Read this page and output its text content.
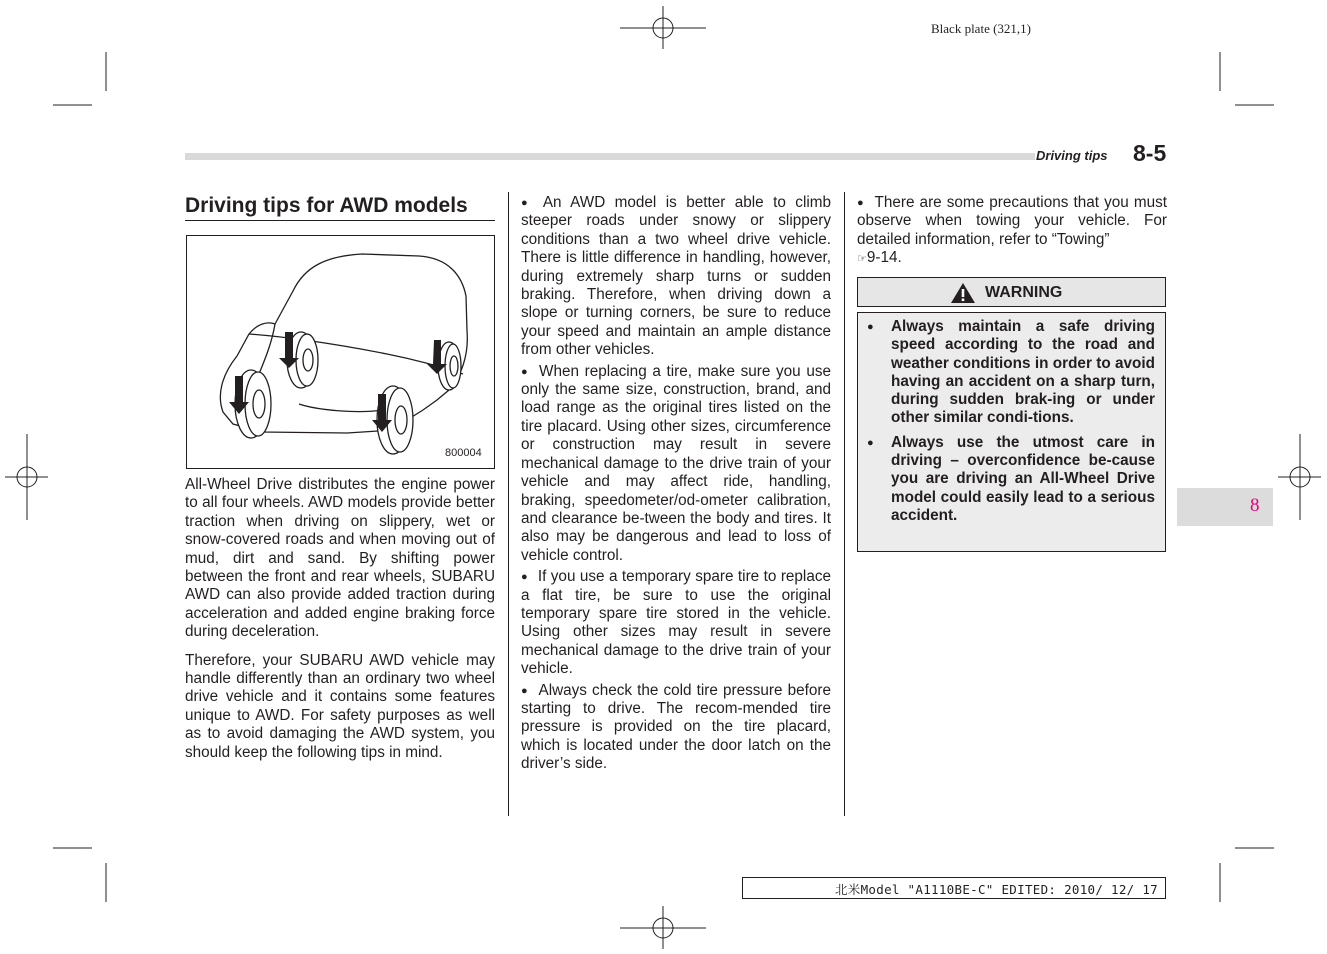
Black plate (321,1)
Driving tips 8-5
8
Driving tips for AWD models
800004

All-Wheel Drive distributes the engine power to all four wheels. AWD models provide better traction when driving on slippery, wet or snow-covered roads and when moving out of mud, dirt and sand. By shifting power between the front and rear wheels, SUBARU AWD can also provide added traction during acceleration and added engine braking force during deceleration.

Therefore, your SUBARU AWD vehicle may handle differently than an ordinary two wheel drive vehicle and it contains some features unique to AWD. For safety purposes as well as to avoid damaging the AWD system, you should keep the following tips in mind.

● An AWD model is better able to climb steeper roads under snowy or slippery conditions than a two wheel drive vehicle. There is little difference in handling, however, during extremely sharp turns or sudden braking. Therefore, when driving down a slope or turning corners, be sure to reduce your speed and maintain an ample distance from other vehicles.

● When replacing a tire, make sure you use only the same size, construction, brand, and load range as the original tires listed on the tire placard. Using other sizes, circumference or construction may result in severe mechanical damage to the drive train of your vehicle and may affect ride, handling, braking, speedometer/od-ometer calibration, and clearance be-tween the body and tires. It also may be dangerous and lead to loss of vehicle control.

● If you use a temporary spare tire to replace a flat tire, be sure to use the original temporary spare tire stored in the vehicle. Using other sizes may result in severe mechanical damage to the drive train of your vehicle.

● Always check the cold tire pressure before starting to drive. The recom-mended tire pressure is provided on the tire placard, which is located under the door latch on the driver’s side.

● There are some precautions that you must observe when towing your vehicle. For detailed information, refer to “Towing”
☞9-14.

WARNING
● Always maintain a safe driving speed according to the road and weather conditions in order to avoid having an accident on a sharp turn, during sudden brak-ing or under other similar condi-tions.
● Always use the utmost care in driving – overconfidence be-cause you are driving an All-Wheel Drive model could easily lead to a serious accident.
北米Model "A1110BE-C" EDITED: 2010/ 12/ 17
